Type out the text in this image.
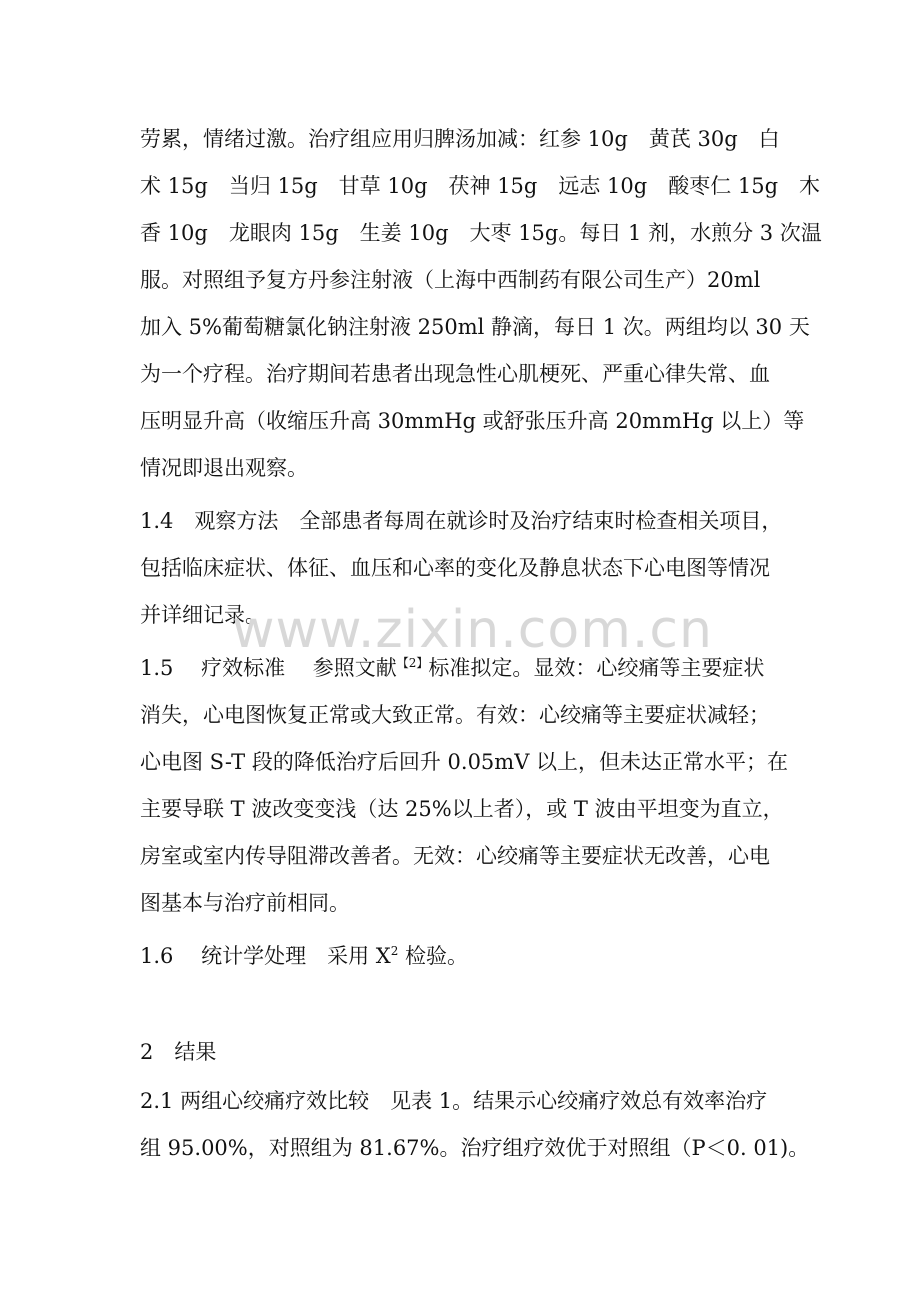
劳累，情绪过激。治疗组应用归脾汤加减：红参 10g　黄芪 30g　白

术 15g　当归 15g　甘草 10g　茯神 15g　远志 10g　酸枣仁 15g　木

香 10g　龙眼肉 15g　生姜 10g　大枣 15g。每日 1 剂，水煎分 3 次温

服。对照组予复方丹参注射液（上海中西制药有限公司生产）20ml

加入 5%葡萄糖氯化钠注射液 250ml 静滴，每日 1 次。两组均以 30 天

为一个疗程。治疗期间若患者出现急性心肌梗死、严重心律失常、血

压明显升高（收缩压升高 30mmHg 或舒张压升高 20mmHg 以上）等

情况即退出观察。

1.4　观察方法　全部患者每周在就诊时及治疗结束时检查相关项目，

包括临床症状、体征、血压和心率的变化及静息状态下心电图等情况

并详细记录。

www.zixin.com.cn

1.5　 疗效标准　 参照文献$^{【2】}$标准拟定。显效：心绞痛等主要症状

消失，心电图恢复正常或大致正常。有效：心绞痛等主要症状减轻；

心电图 S-T 段的降低治疗后回升 0.05mV 以上，但未达正常水平；在

主要导联 T 波改变变浅（达 25%以上者），或 T 波由平坦变为直立，

房室或室内传导阻滞改善者。无效：心绞痛等主要症状无改善，心电

图基本与治疗前相同。

1.6　 统计学处理　采用 $X^2$ 检验。

2　结果

2.1 两组心绞痛疗效比较　见表 1。结果示心绞痛疗效总有效率治疗

组 95.00%，对照组为 81.67%。治疗组疗效优于对照组（P＜0. 01)。
